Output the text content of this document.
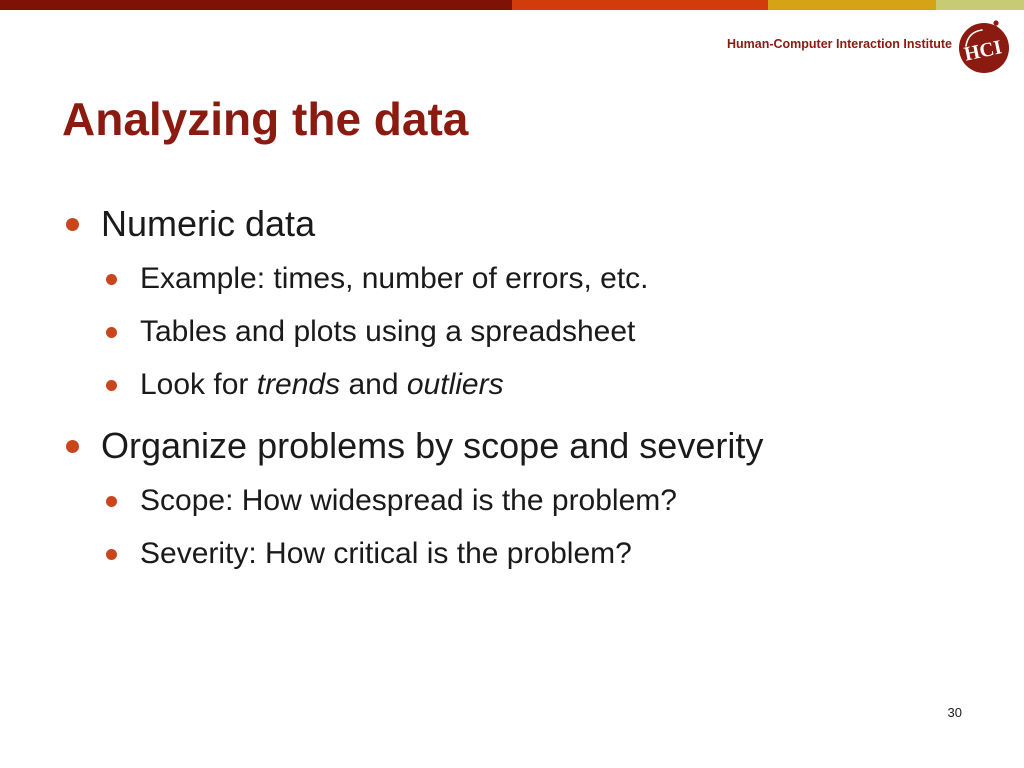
Human-Computer Interaction Institute HCI
Analyzing the data
Numeric data
Example: times, number of errors, etc.
Tables and plots using a spreadsheet
Look for trends and outliers
Organize problems by scope and severity
Scope: How widespread is the problem?
Severity: How critical is the problem?
30
